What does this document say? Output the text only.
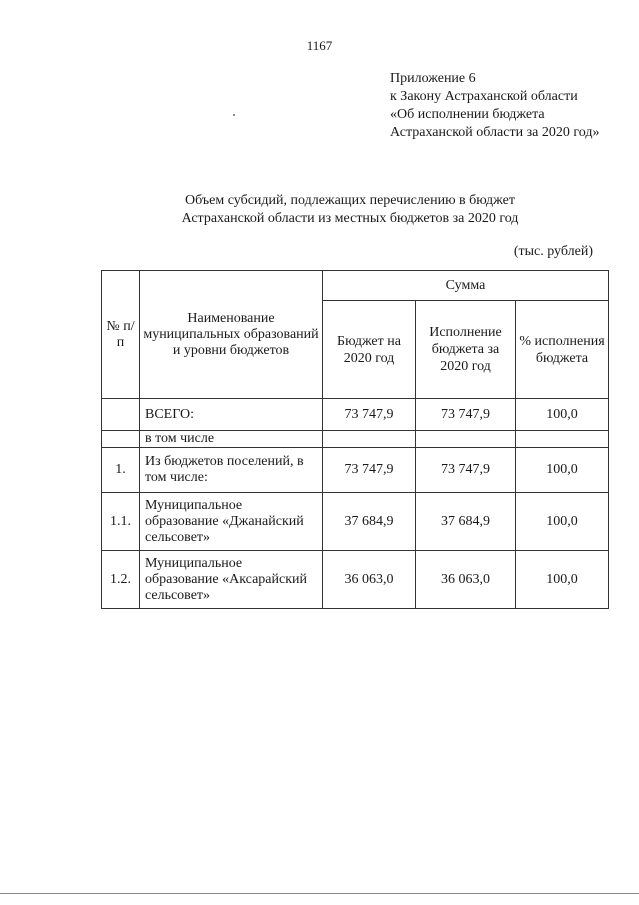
1167
Приложение 6
к Закону Астраханской области
«Об исполнении бюджета
Астраханской области за 2020 год»
Объем субсидий, подлежащих перечислению в бюджет
Астраханской области из местных бюджетов за 2020 год
(тыс. рублей)
№ п/п	Наименование муниципальных образований и уровни бюджетов	Сумма		
		Бюджет на 2020 год	Исполнение бюджета за 2020 год	% исполнения бюджета
	ВСЕГО:	73 747,9	73 747,9	100,0
	в том числе			
1.	Из бюджетов поселений, в том числе:	73 747,9	73 747,9	100,0
1.1.	Муниципальное образование «Джанайский сельсовет»	37 684,9	37 684,9	100,0
1.2.	Муниципальное образование «Аксарайский сельсовет»	36 063,0	36 063,0	100,0
